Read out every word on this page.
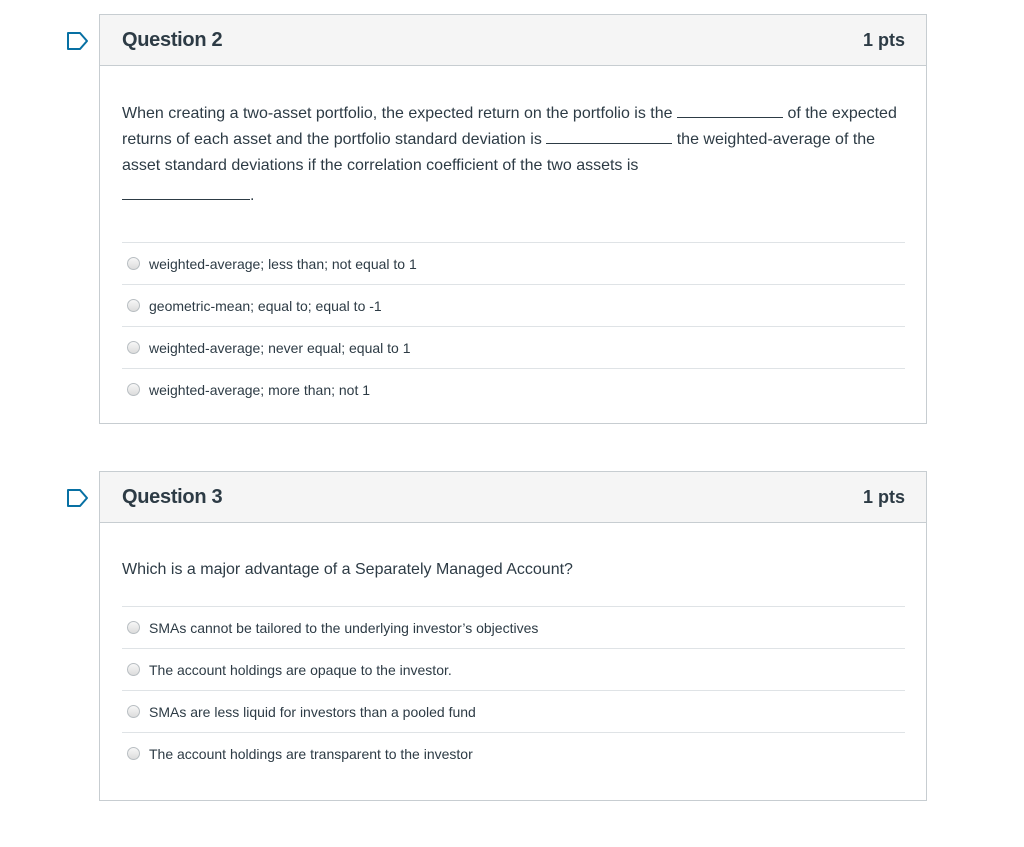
Question 2	1 pts

When creating a two-asset portfolio, the expected return on the portfolio is the	of the expected returns of each asset and the portfolio standard deviation is	the weighted-average of the asset standard deviations if the correlation coefficient of the two assets is
.

weighted-average; less than; not equal to 1
geometric-mean; equal to; equal to -1
weighted-average; never equal; equal to 1
weighted-average; more than; not 1
Question 3	1 pts

Which is a major advantage of a Separately Managed Account?

SMAs cannot be tailored to the underlying investor’s objectives
The account holdings are opaque to the investor.
SMAs are less liquid for investors than a pooled fund
The account holdings are transparent to the investor
